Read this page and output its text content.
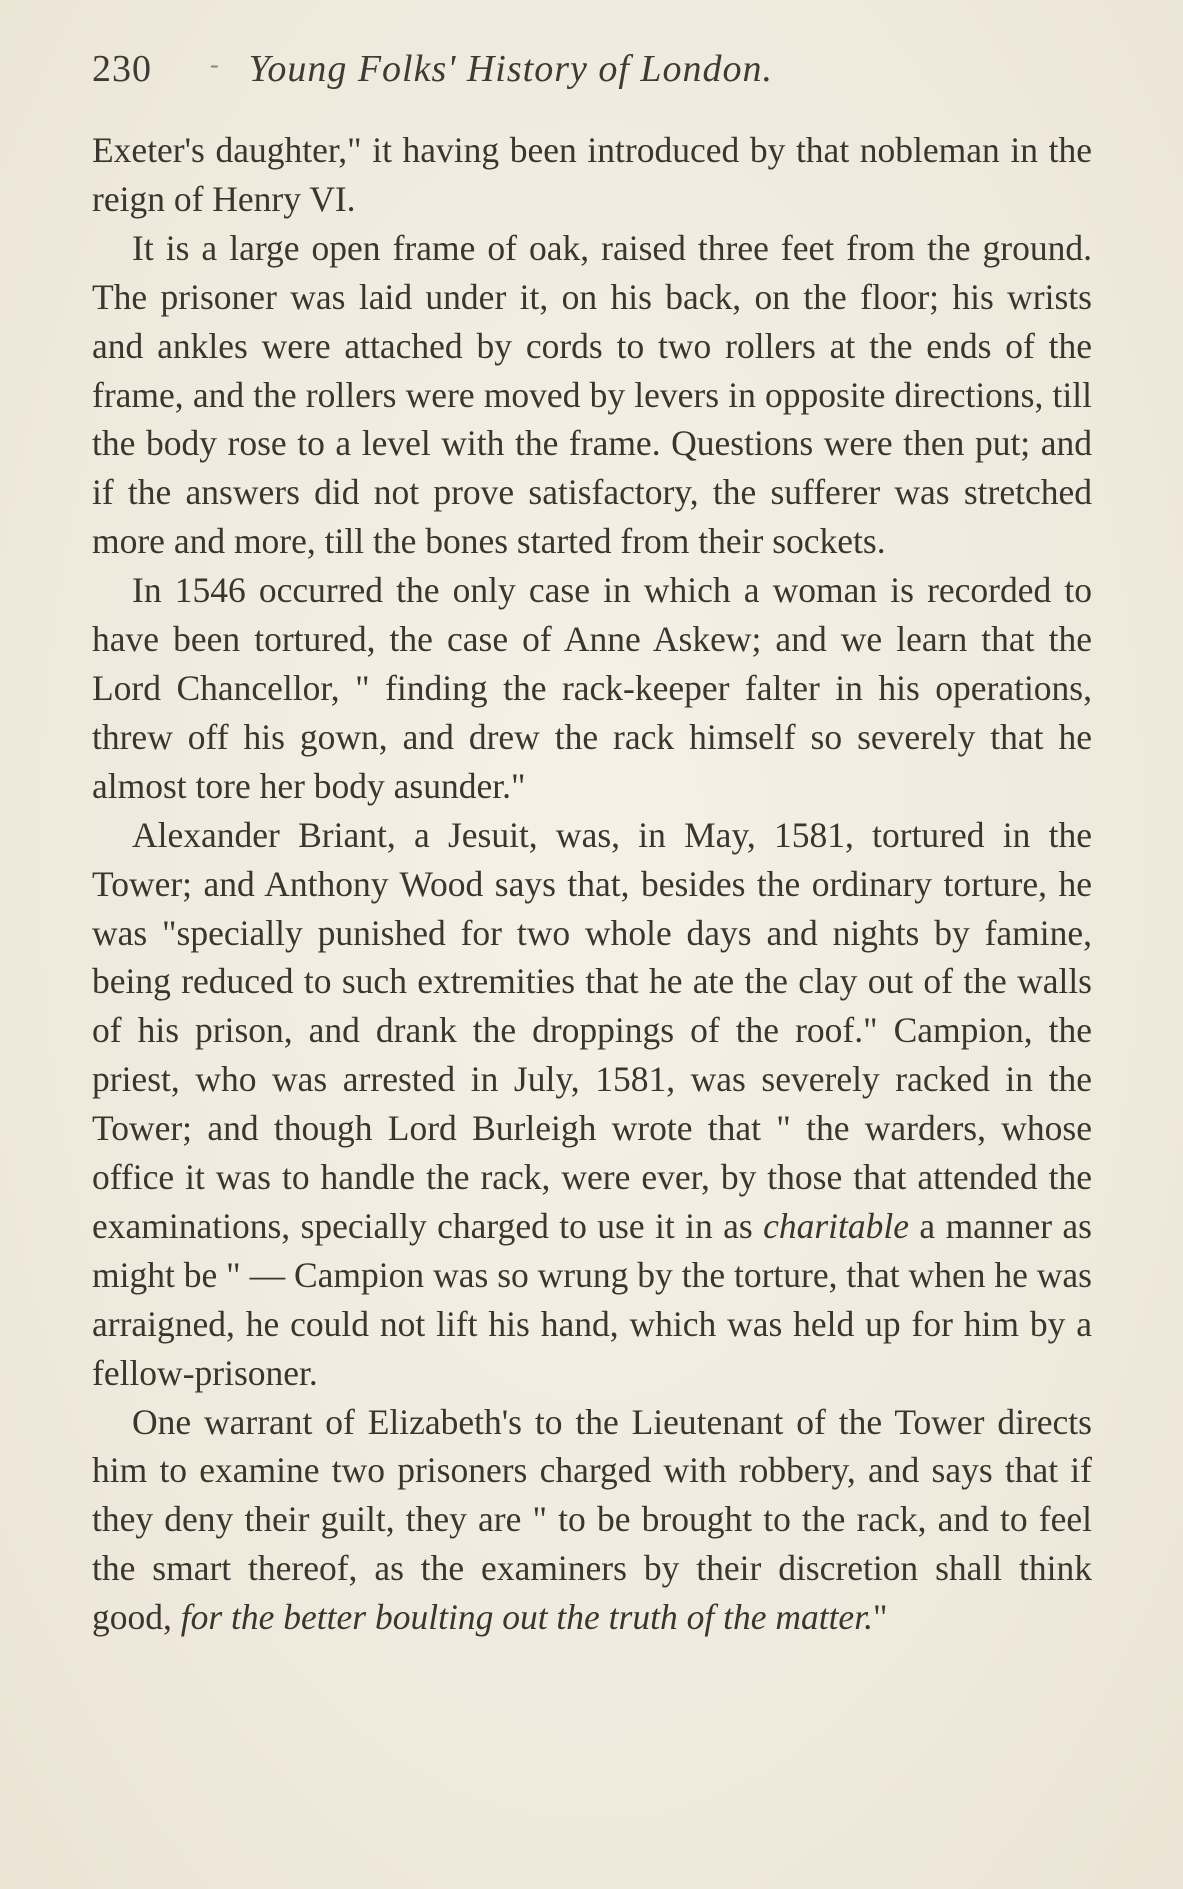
230 - Young Folks' History of London.

Exeter's daughter," it having been introduced by that nobleman in the reign of Henry VI.

It is a large open frame of oak, raised three feet from the ground. The prisoner was laid under it, on his back, on the floor; his wrists and ankles were attached by cords to two rollers at the ends of the frame, and the rollers were moved by levers in opposite directions, till the body rose to a level with the frame. Questions were then put; and if the answers did not prove satisfactory, the sufferer was stretched more and more, till the bones started from their sockets.

In 1546 occurred the only case in which a woman is recorded to have been tortured, the case of Anne Askew; and we learn that the Lord Chancellor, " finding the rack-keeper falter in his operations, threw off his gown, and drew the rack himself so severely that he almost tore her body asunder."

Alexander Briant, a Jesuit, was, in May, 1581, tortured in the Tower; and Anthony Wood says that, besides the ordinary torture, he was "specially punished for two whole days and nights by famine, being reduced to such extremities that he ate the clay out of the walls of his prison, and drank the droppings of the roof." Campion, the priest, who was arrested in July, 1581, was severely racked in the Tower; and though Lord Burleigh wrote that " the warders, whose office it was to handle the rack, were ever, by those that attended the examinations, specially charged to use it in as charitable a manner as might be " — Campion was so wrung by the torture, that when he was arraigned, he could not lift his hand, which was held up for him by a fellow-prisoner.

One warrant of Elizabeth's to the Lieutenant of the Tower directs him to examine two prisoners charged with robbery, and says that if they deny their guilt, they are " to be brought to the rack, and to feel the smart thereof, as the examiners by their discretion shall think good, for the better boulting out the truth of the matter."
